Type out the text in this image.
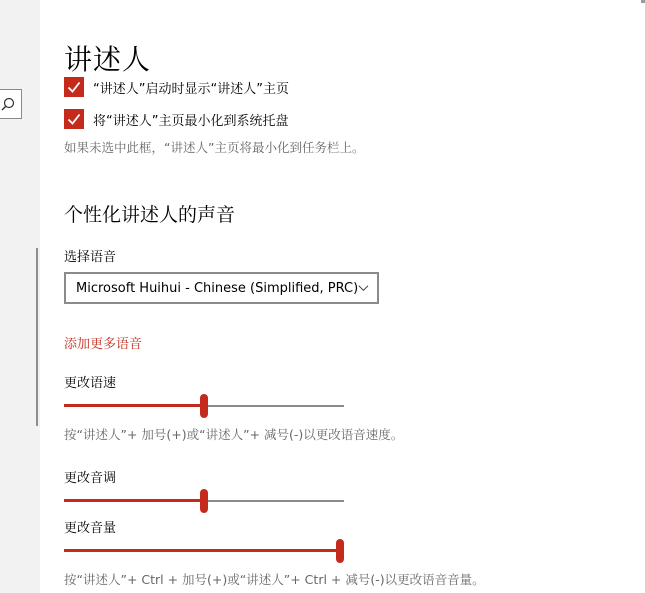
讲述人
“讲述人”启动时显示“讲述人”主页
将“讲述人”主页最小化到系统托盘
如果未选中此框，“讲述人”主页将最小化到任务栏上。
个性化讲述人的声音
选择语音
Microsoft Huihui - Chinese (Simplified, PRC)
添加更多语音
更改语速
按“讲述人”+ 加号(+)或“讲述人”+ 减号(-)以更改语音速度。
更改音调
更改音量
按“讲述人”+ Ctrl + 加号(+)或“讲述人”+ Ctrl + 减号(-)以更改语音音量。
